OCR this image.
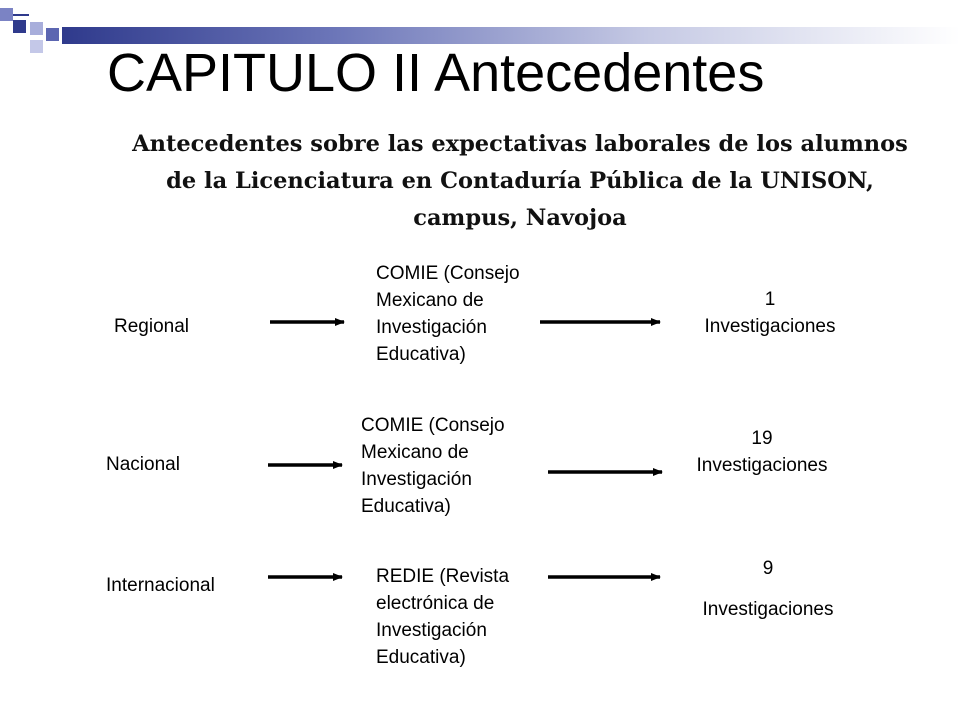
CAPITULO II Antecedentes
Antecedentes sobre las expectativas laborales de los alumnos de la Licenciatura en Contaduría Pública de la UNISON, campus, Navojoa
Regional
COMIE (Consejo
Mexicano de
Investigación
Educativa)
1
Investigaciones
Nacional
COMIE (Consejo
Mexicano de
Investigación
Educativa)
19
Investigaciones
Internacional	REDIE (Revista
electrónica de
Investigación
Educativa)
9
Investigaciones
